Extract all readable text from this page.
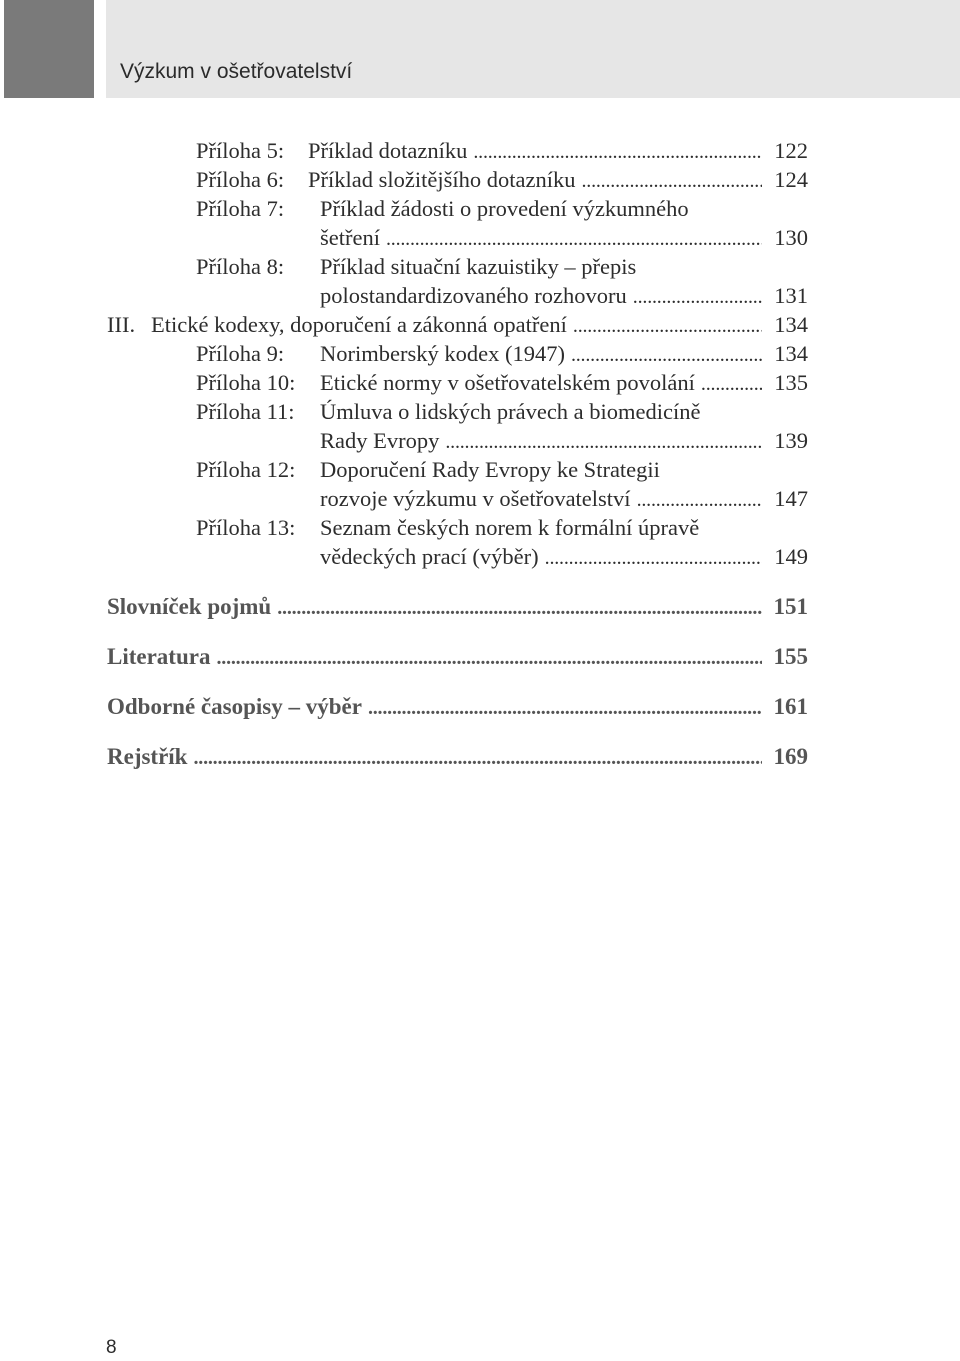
Výzkum v ošetřovatelství
Příloha 5: Příklad dotazníku . . .	122
Příloha 6: Příklad složitějšího dotazníku . . .	124
Příloha 7: Příklad žádosti o provedení výzkumného
šetření . . .	130
Příloha 8: Příklad situační kazuistiky – přepis
polostandardizovaného rozhovoru . . .	131
III. Etické kodexy, doporučení a zákonná opatření . . .	134
Příloha 9: Norimberský kodex (1947) . . .	134
Příloha 10: Etické normy v ošetřovatelském povolání . . .	135
Příloha 11: Úmluva o lidských právech a biomedicíně
Rady Evropy . . .	139
Příloha 12: Doporučení Rady Evropy ke Strategii
rozvoje výzkumu v ošetřovatelství . . .	147
Příloha 13: Seznam českých norem k formální úpravě
vědeckých prací (výběr) . . .	149
Slovníček pojmů . . .	151
Literatura . . .	155
Odborné časopisy – výběr . . .	161
Rejstřík . . .	169
8
